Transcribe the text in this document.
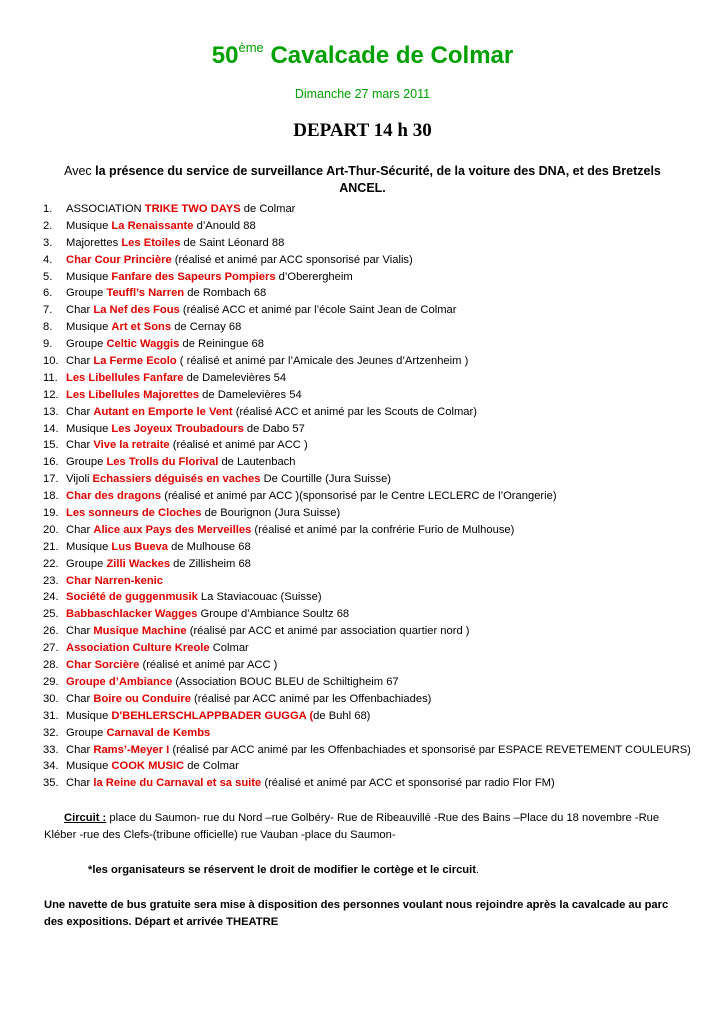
50ème Cavalcade de Colmar
Dimanche 27 mars 2011
DEPART 14 h 30

Avec la présence du service de surveillance Art-Thur-Sécurité, de la voiture des DNA, et des Bretzels ANCEL.

1.	ASSOCIATION TRIKE TWO DAYS de Colmar
2.	Musique La Renaissante d’Anould 88
3.	Majorettes Les Etoiles de Saint Léonard 88
4.	Char Cour Princière (réalisé et animé par ACC sponsorisé par Vialis)
5.	Musique Fanfare des Sapeurs Pompiers d’Oberergheim
6.	Groupe Teuffl’s Narren de Rombach 68
7.	Char La Nef des Fous (réalisé ACC et animé par l’école Saint Jean de Colmar
8.	Musique Art et Sons de Cernay 68
9.	Groupe Celtic Waggis de Reiningue 68
10. Char La Ferme Ecolo ( réalisé et animé par l’Amicale des Jeunes d’Artzenheim )
11. Les Libellules Fanfare de Damelevières 54
12. Les Libellules Majorettes de Damelevières 54
13. Char Autant en Emporte le Vent (réalisé ACC et animé par les Scouts de Colmar)
14. Musique Les Joyeux Troubadours de Dabo 57
15. Char Vive la retraite (réalisé et animé par ACC )
16. Groupe Les Trolls du Florival de Lautenbach
17. Vijoli Echassiers déguisés en vaches De Courtille (Jura Suisse)
18. Char des dragons (réalisé et animé par ACC )(sponsorisé par le Centre LECLERC de l’Orangerie)
19. Les sonneurs de Cloches de Bourignon (Jura Suisse)
20. Char Alice aux Pays des Merveilles (réalisé et animé par la confrérie Furio de Mulhouse)
21. Musique Lus Bueva de Mulhouse 68
22. Groupe Zilli Wackes de Zillisheim 68
23. Char Narren-kenic
24. Société de guggenmusik La Staviacouac (Suisse)
25. Babbaschlacker Wagges Groupe d’Ambiance Soultz 68
26. Char Musique Machine (réalisé par ACC et animé par association quartier nord )
27. Association Culture Kreole Colmar
28. Char Sorcière (réalisé et animé par ACC )
29. Groupe d’Ambiance (Association BOUC BLEU de Schiltigheim 67
30. Char Boire ou Conduire (réalisé par ACC animé par les Offenbachiades)
31. Musique D'BEHLERSCHLAPPBADER GUGGA (de Buhl 68)
32. Groupe Carnaval de Kembs
33. Char Rams’-Meyer I (réalisé par ACC animé par les Offenbachiades et sponsorisé par ESPACE REVETEMENT COULEURS)
34. Musique COOK MUSIC de Colmar
35. Char la Reine du Carnaval et sa suite (réalisé et animé par ACC et sponsorisé par radio Flor FM)

Circuit : place du Saumon- rue du Nord –rue Golbéry- Rue de Ribeauvillé -Rue des Bains –Place du 18 novembre -Rue Kléber -rue des Clefs-(tribune officielle) rue Vauban -place du Saumon-

*les organisateurs se réservent le droit de modifier le cortège et le circuit.

Une navette de bus gratuite sera mise à disposition des personnes voulant nous rejoindre après la cavalcade au parc des expositions. Départ et arrivée THEATRE
